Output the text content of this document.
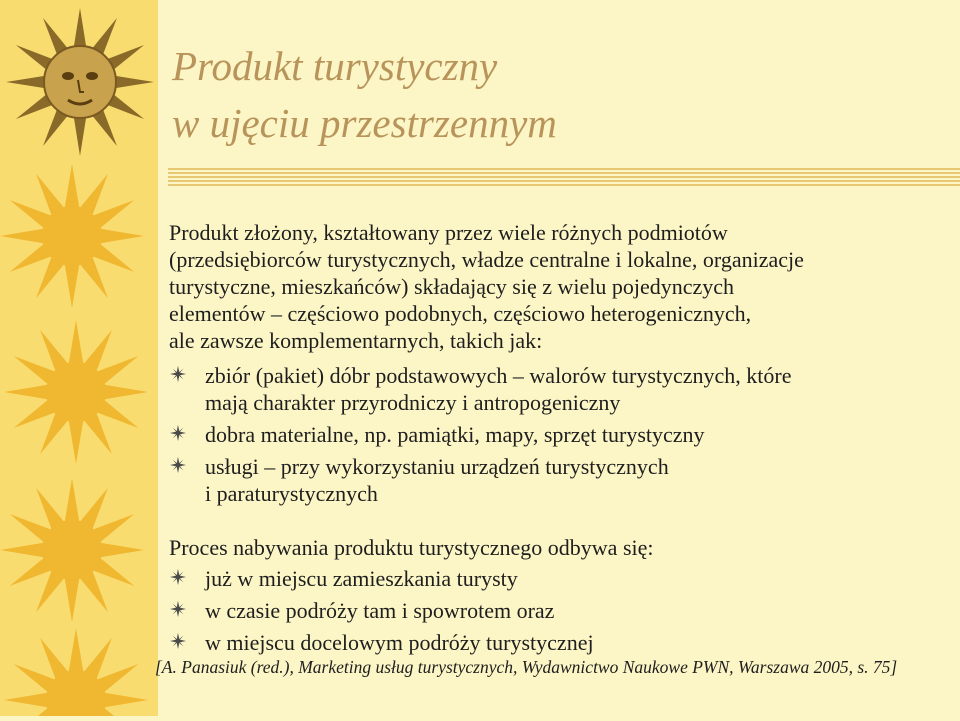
Produkt turystyczny
w ujęciu przestrzennym

Produkt złożony, kształtowany przez wiele różnych podmiotów
(przedsiębiorców turystycznych, władze centralne i lokalne, organizacje
turystyczne, mieszkańców) składający się z wielu pojedynczych
elementów – częściowo podobnych, częściowo heterogenicznych,
ale zawsze komplementarnych, takich jak:

zbiór (pakiet) dóbr podstawowych – walorów turystycznych, które
mają charakter przyrodniczy i antropogeniczny
dobra materialne, np. pamiątki, mapy, sprzęt turystyczny
usługi – przy wykorzystaniu urządzeń turystycznych
i paraturystycznych

Proces nabywania produktu turystycznego odbywa się:

już w miejscu zamieszkania turysty
w czasie podróży tam i spowrotem oraz
w miejscu docelowym podróży turystycznej

[A. Panasiuk (red.), Marketing usług turystycznych, Wydawnictwo Naukowe PWN, Warszawa 2005, s. 75]
